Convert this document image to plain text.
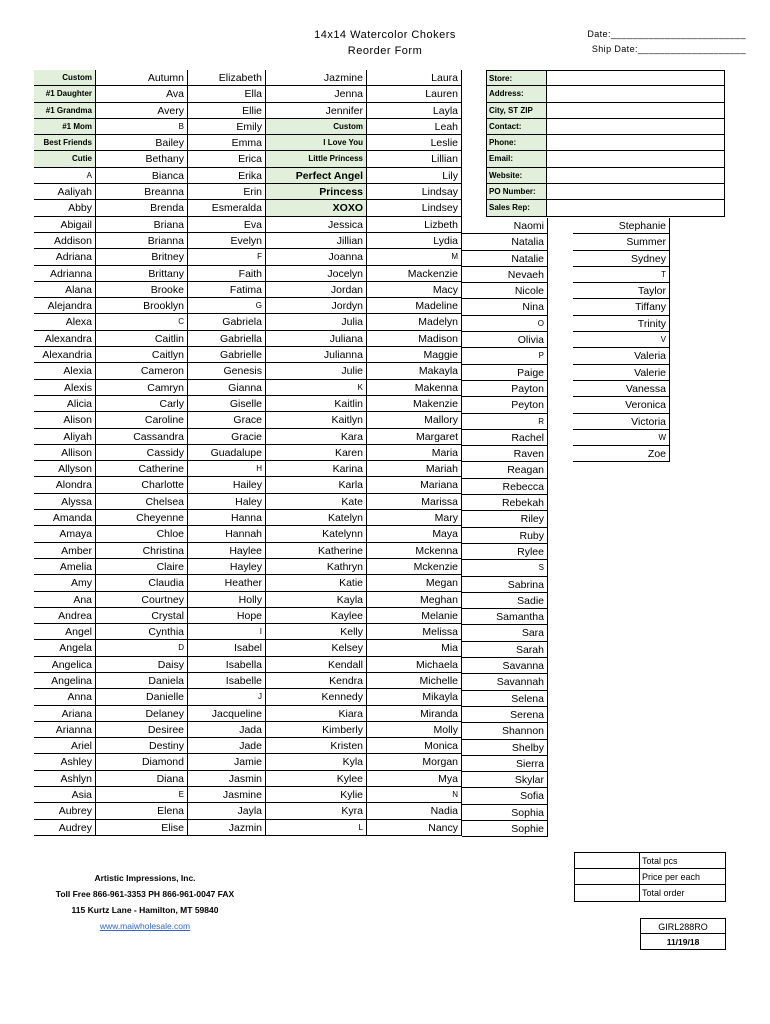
14x14 Watercolor Chokers
Reorder Form
Date:_________________________
Ship Date:____________________
Custom
#1 Daughter
#1 Grandma
#1 Mom
Best Friends
Cutie
A
Aaliyah
Abby
Abigail
Addison
Adriana
Adrianna
Alana
Alejandra
Alexa
Alexandra
Alexandria
Alexia
Alexis
Alicia
Alison
Aliyah
Allison
Allyson
Alondra
Alyssa
Amanda
Amaya
Amber
Amelia
Amy
Ana
Andrea
Angel
Angela
Angelica
Angelina
Anna
Ariana
Arianna
Ariel
Ashley
Ashlyn
Asia
Aubrey
Audrey
Autumn
Ava
Avery
B
Bailey
Bethany
Bianca
Breanna
Brenda
Briana
Brianna
Britney
Brittany
Brooke
Brooklyn
C
Caitlin
Caitlyn
Cameron
Camryn
Carly
Caroline
Cassandra
Cassidy
Catherine
Charlotte
Chelsea
Cheyenne
Chloe
Christina
Claire
Claudia
Courtney
Crystal
Cynthia
D
Daisy
Daniela
Danielle
Delaney
Desiree
Destiny
Diamond
Diana
E
Elena
Elise
Elizabeth
Ella
Ellie
Emily
Emma
Erica
Erika
Erin
Esmeralda
Eva
Evelyn
F
Faith
Fatima
G
Gabriela
Gabriella
Gabrielle
Genesis
Gianna
Giselle
Grace
Gracie
Guadalupe
H
Hailey
Haley
Hanna
Hannah
Haylee
Hayley
Heather
Holly
Hope
I
Isabel
Isabella
Isabelle
J
Jacqueline
Jada
Jade
Jamie
Jasmin
Jasmine
Jayla
Jazmin
Jazmine
Jenna
Jennifer
Custom
I Love You
Little Princess
Perfect Angel
Princess
XOXO
Jessica
Jillian
Joanna
Jocelyn
Jordan
Jordyn
Julia
Juliana
Julianna
Julie
K
Kaitlin
Kaitlyn
Kara
Karen
Karina
Karla
Kate
Katelyn
Katelynn
Katherine
Kathryn
Katie
Kayla
Kaylee
Kelly
Kelsey
Kendall
Kendra
Kennedy
Kiara
Kimberly
Kristen
Kyla
Kylee
Kylie
Kyra
L
Laura
Lauren
Layla
Leah
Leslie
Lillian
Lily
Lindsay
Lindsey
Lizbeth
Lydia
M
Mackenzie
Macy
Madeline
Madelyn
Madison
Maggie
Makayla
Makenna
Makenzie
Mallory
Margaret
Maria
Mariah
Mariana
Marissa
Mary
Maya
Mckenna
Mckenzie
Megan
Meghan
Melanie
Melissa
Mia
Michaela
Michelle
Mikayla
Miranda
Molly
Monica
Morgan
Mya
N
Nadia
Nancy
Naomi
Natalia
Natalie
Nevaeh
Nicole
Nina
O
Olivia
P
Paige
Payton
Peyton
R
Rachel
Raven
Reagan
Rebecca
Rebekah
Riley
Ruby
Rylee
S
Sabrina
Sadie
Samantha
Sara
Sarah
Savanna
Savannah
Selena
Serena
Shannon
Shelby
Sierra
Skylar
Sofia
Sophia
Sophie
Stephanie
Summer
Sydney
T
Taylor
Tiffany
Trinity
V
Valeria
Valerie
Vanessa
Veronica
Victoria
W
Zoe
Store:
Address:
City, ST ZIP
Contact:
Phone:
Email:
Website:
PO Number:
Sales Rep:
Artistic Impressions, Inc.
Toll Free 866-961-3353 PH 866-961-0047 FAX
115 Kurtz Lane - Hamilton, MT 59840
www.maiwholesale.com
Total pcs
Price per each
Total order
GIRL288RO
11/19/18
